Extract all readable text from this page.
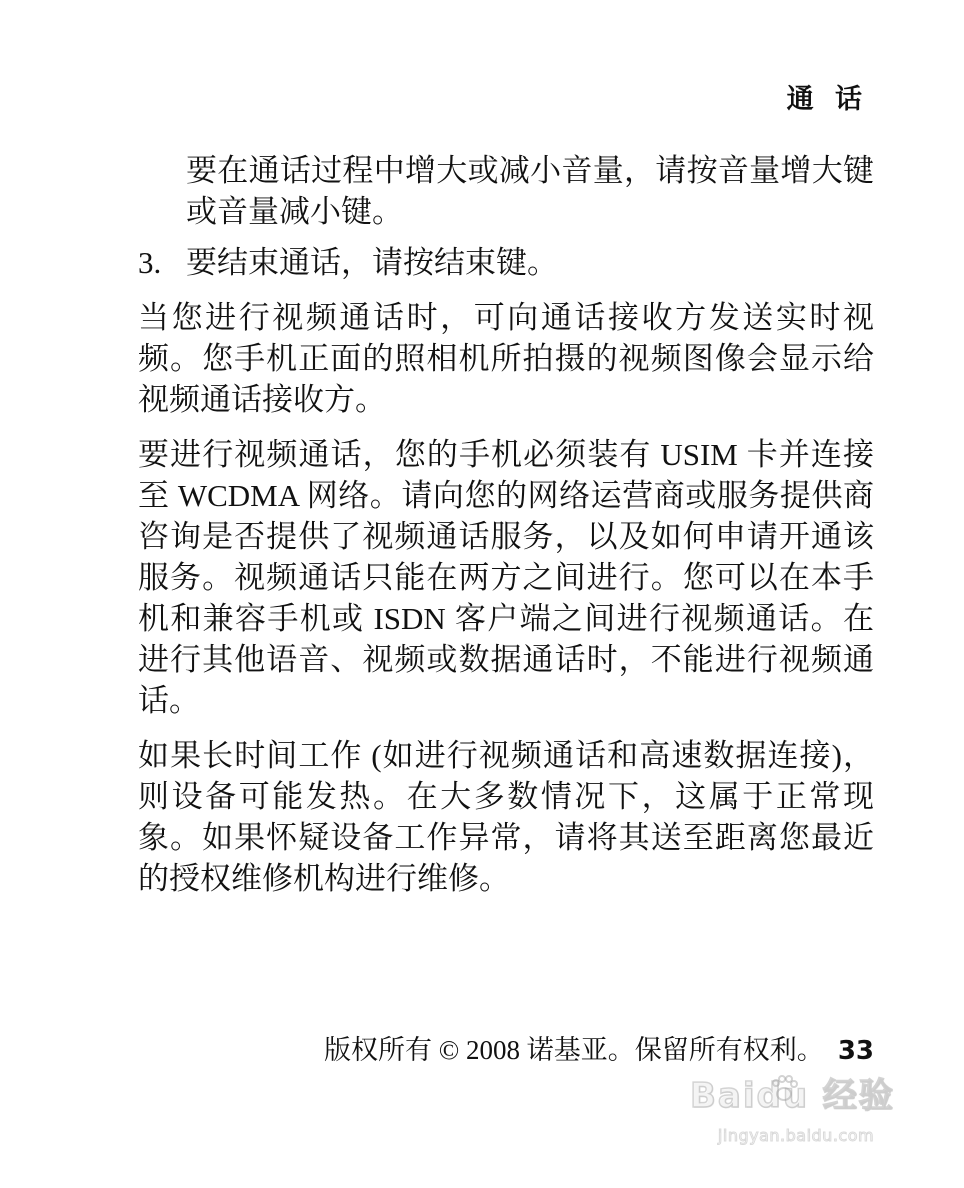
通 话

要在通话过程中增大或减小音量，请按音量增大键或音量减小键。

3. 要结束通话，请按结束键。

当您进行视频通话时，可向通话接收方发送实时视频。您手机正面的照相机所拍摄的视频图像会显示给视频通话接收方。

要进行视频通话，您的手机必须装有 USIM 卡并连接至 WCDMA 网络。请向您的网络运营商或服务提供商咨询是否提供了视频通话服务，以及如何申请开通该服务。视频通话只能在两方之间进行。您可以在本手机和兼容手机或 ISDN 客户端之间进行视频通话。在进行其他语音、视频或数据通话时，不能进行视频通话。

如果长时间工作 (如进行视频通话和高速数据连接)，则设备可能发热。在大多数情况下，这属于正常现象。如果怀疑设备工作异常，请将其送至距离您最近的授权维修机构进行维修。

版权所有 © 2008 诺基亚。保留所有权利。 33
Baidu 经验
jingyan.baidu.com
